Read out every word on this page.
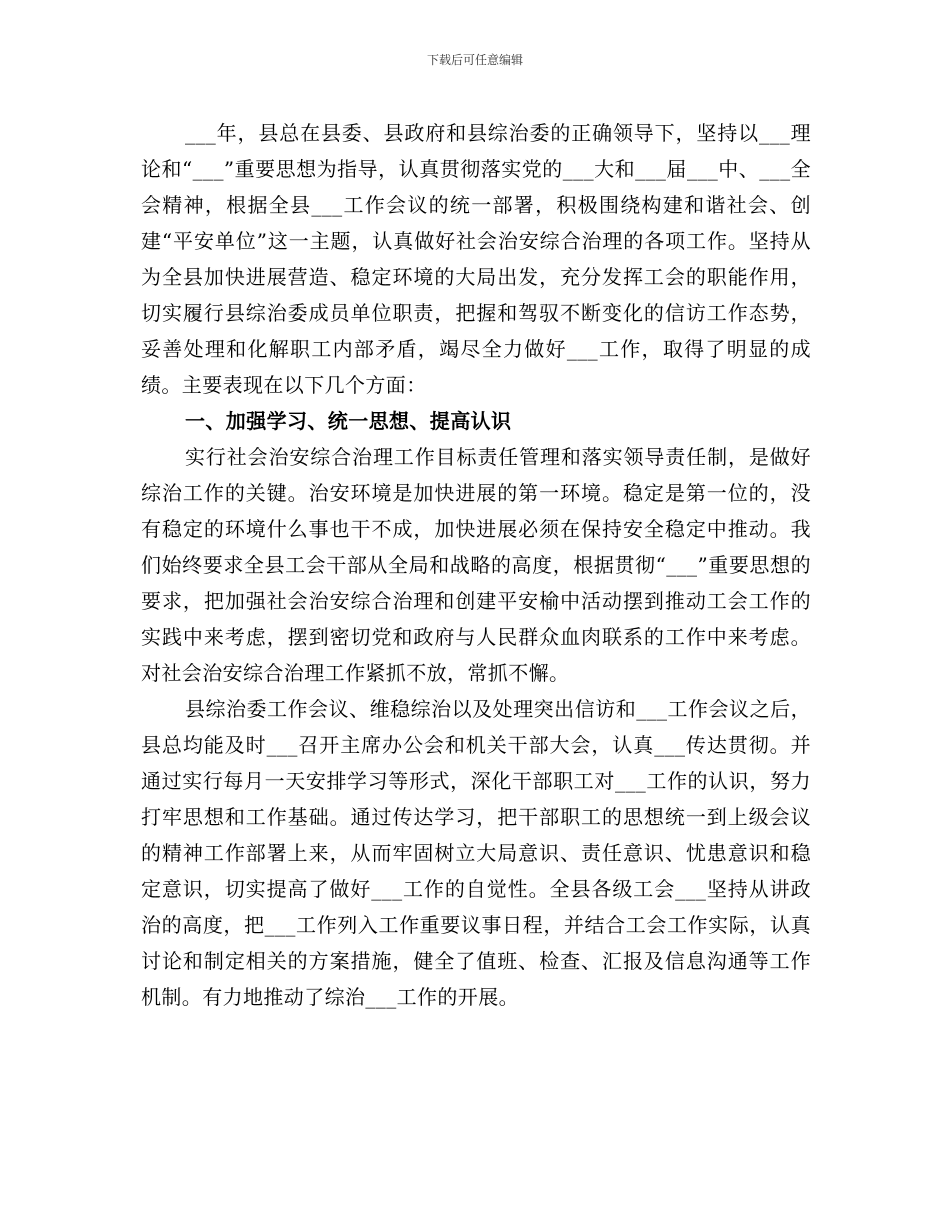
下载后可任意编辑

___年，县总在县委、县政府和县综治委的正确领导下，坚持以___理论和“___”重要思想为指导，认真贯彻落实党的___大和___届___中、___全会精神，根据全县___工作会议的统一部署，积极围绕构建和谐社会、创建“平安单位”这一主题，认真做好社会治安综合治理的各项工作。坚持从为全县加快进展营造、稳定环境的大局出发，充分发挥工会的职能作用，切实履行县综治委成员单位职责，把握和驾驭不断变化的信访工作态势，妥善处理和化解职工内部矛盾，竭尽全力做好___工作，取得了明显的成绩。主要表现在以下几个方面：

一、加强学习、统一思想、提高认识

实行社会治安综合治理工作目标责任管理和落实领导责任制，是做好综治工作的关键。治安环境是加快进展的第一环境。稳定是第一位的，没有稳定的环境什么事也干不成，加快进展必须在保持安全稳定中推动。我们始终要求全县工会干部从全局和战略的高度，根据贯彻“___”重要思想的要求，把加强社会治安综合治理和创建平安榆中活动摆到推动工会工作的实践中来考虑，摆到密切党和政府与人民群众血肉联系的工作中来考虑。对社会治安综合治理工作紧抓不放，常抓不懈。

县综治委工作会议、维稳综治以及处理突出信访和___工作会议之后，县总均能及时___召开主席办公会和机关干部大会，认真___传达贯彻。并通过实行每月一天安排学习等形式，深化干部职工对___工作的认识，努力打牢思想和工作基础。通过传达学习，把干部职工的思想统一到上级会议的精神工作部署上来，从而牢固树立大局意识、责任意识、忧患意识和稳定意识，切实提高了做好___工作的自觉性。全县各级工会___坚持从讲政治的高度，把___工作列入工作重要议事日程，并结合工会工作实际，认真讨论和制定相关的方案措施，健全了值班、检查、汇报及信息沟通等工作机制。有力地推动了综治___工作的开展。
